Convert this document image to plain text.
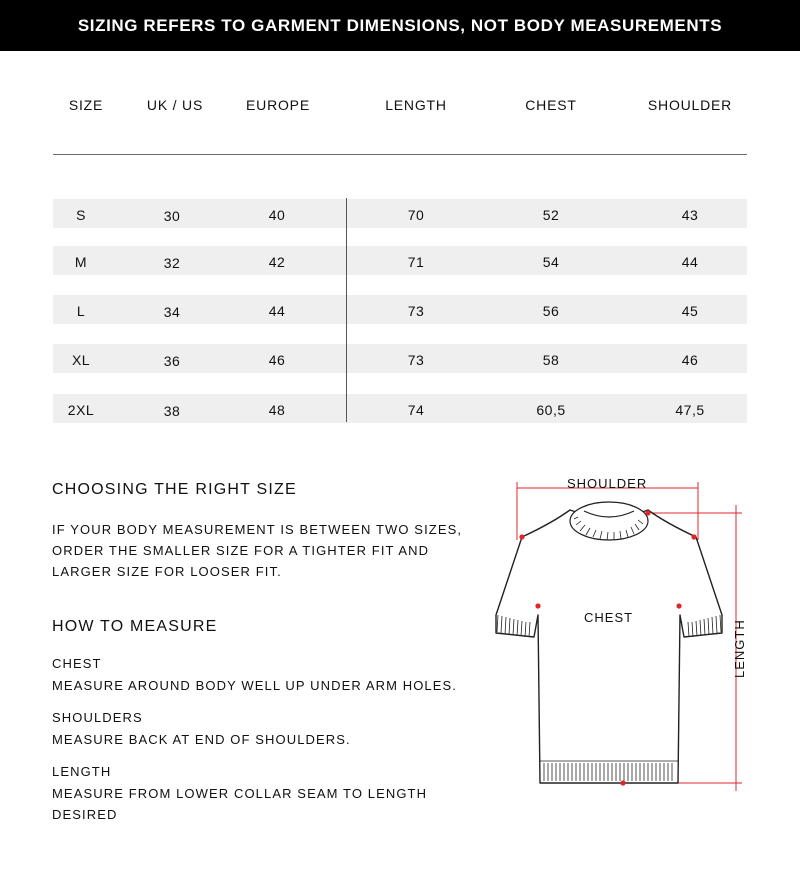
SIZING REFERS TO GARMENT DIMENSIONS, NOT BODY MEASUREMENTS
SIZE	UK / US	EUROPE	LENGTH	CHEST	SHOULDER
S	30	40	70	52	43
M	32	42	71	54	44
L	34	44	73	56	45
XL	36	46	73	58	46
2XL	38	48	74	60,5	47,5
CHOOSING THE RIGHT SIZE
IF YOUR BODY MEASUREMENT IS BETWEEN TWO SIZES,
ORDER THE SMALLER SIZE FOR A TIGHTER FIT AND
LARGER SIZE FOR LOOSER FIT.
HOW TO MEASURE
CHEST
MEASURE AROUND BODY WELL UP UNDER ARM HOLES.
SHOULDERS
MEASURE BACK AT END OF SHOULDERS.
LENGTH
MEASURE FROM LOWER COLLAR SEAM TO LENGTH
DESIRED
SHOULDER
CHEST
LENGTH
